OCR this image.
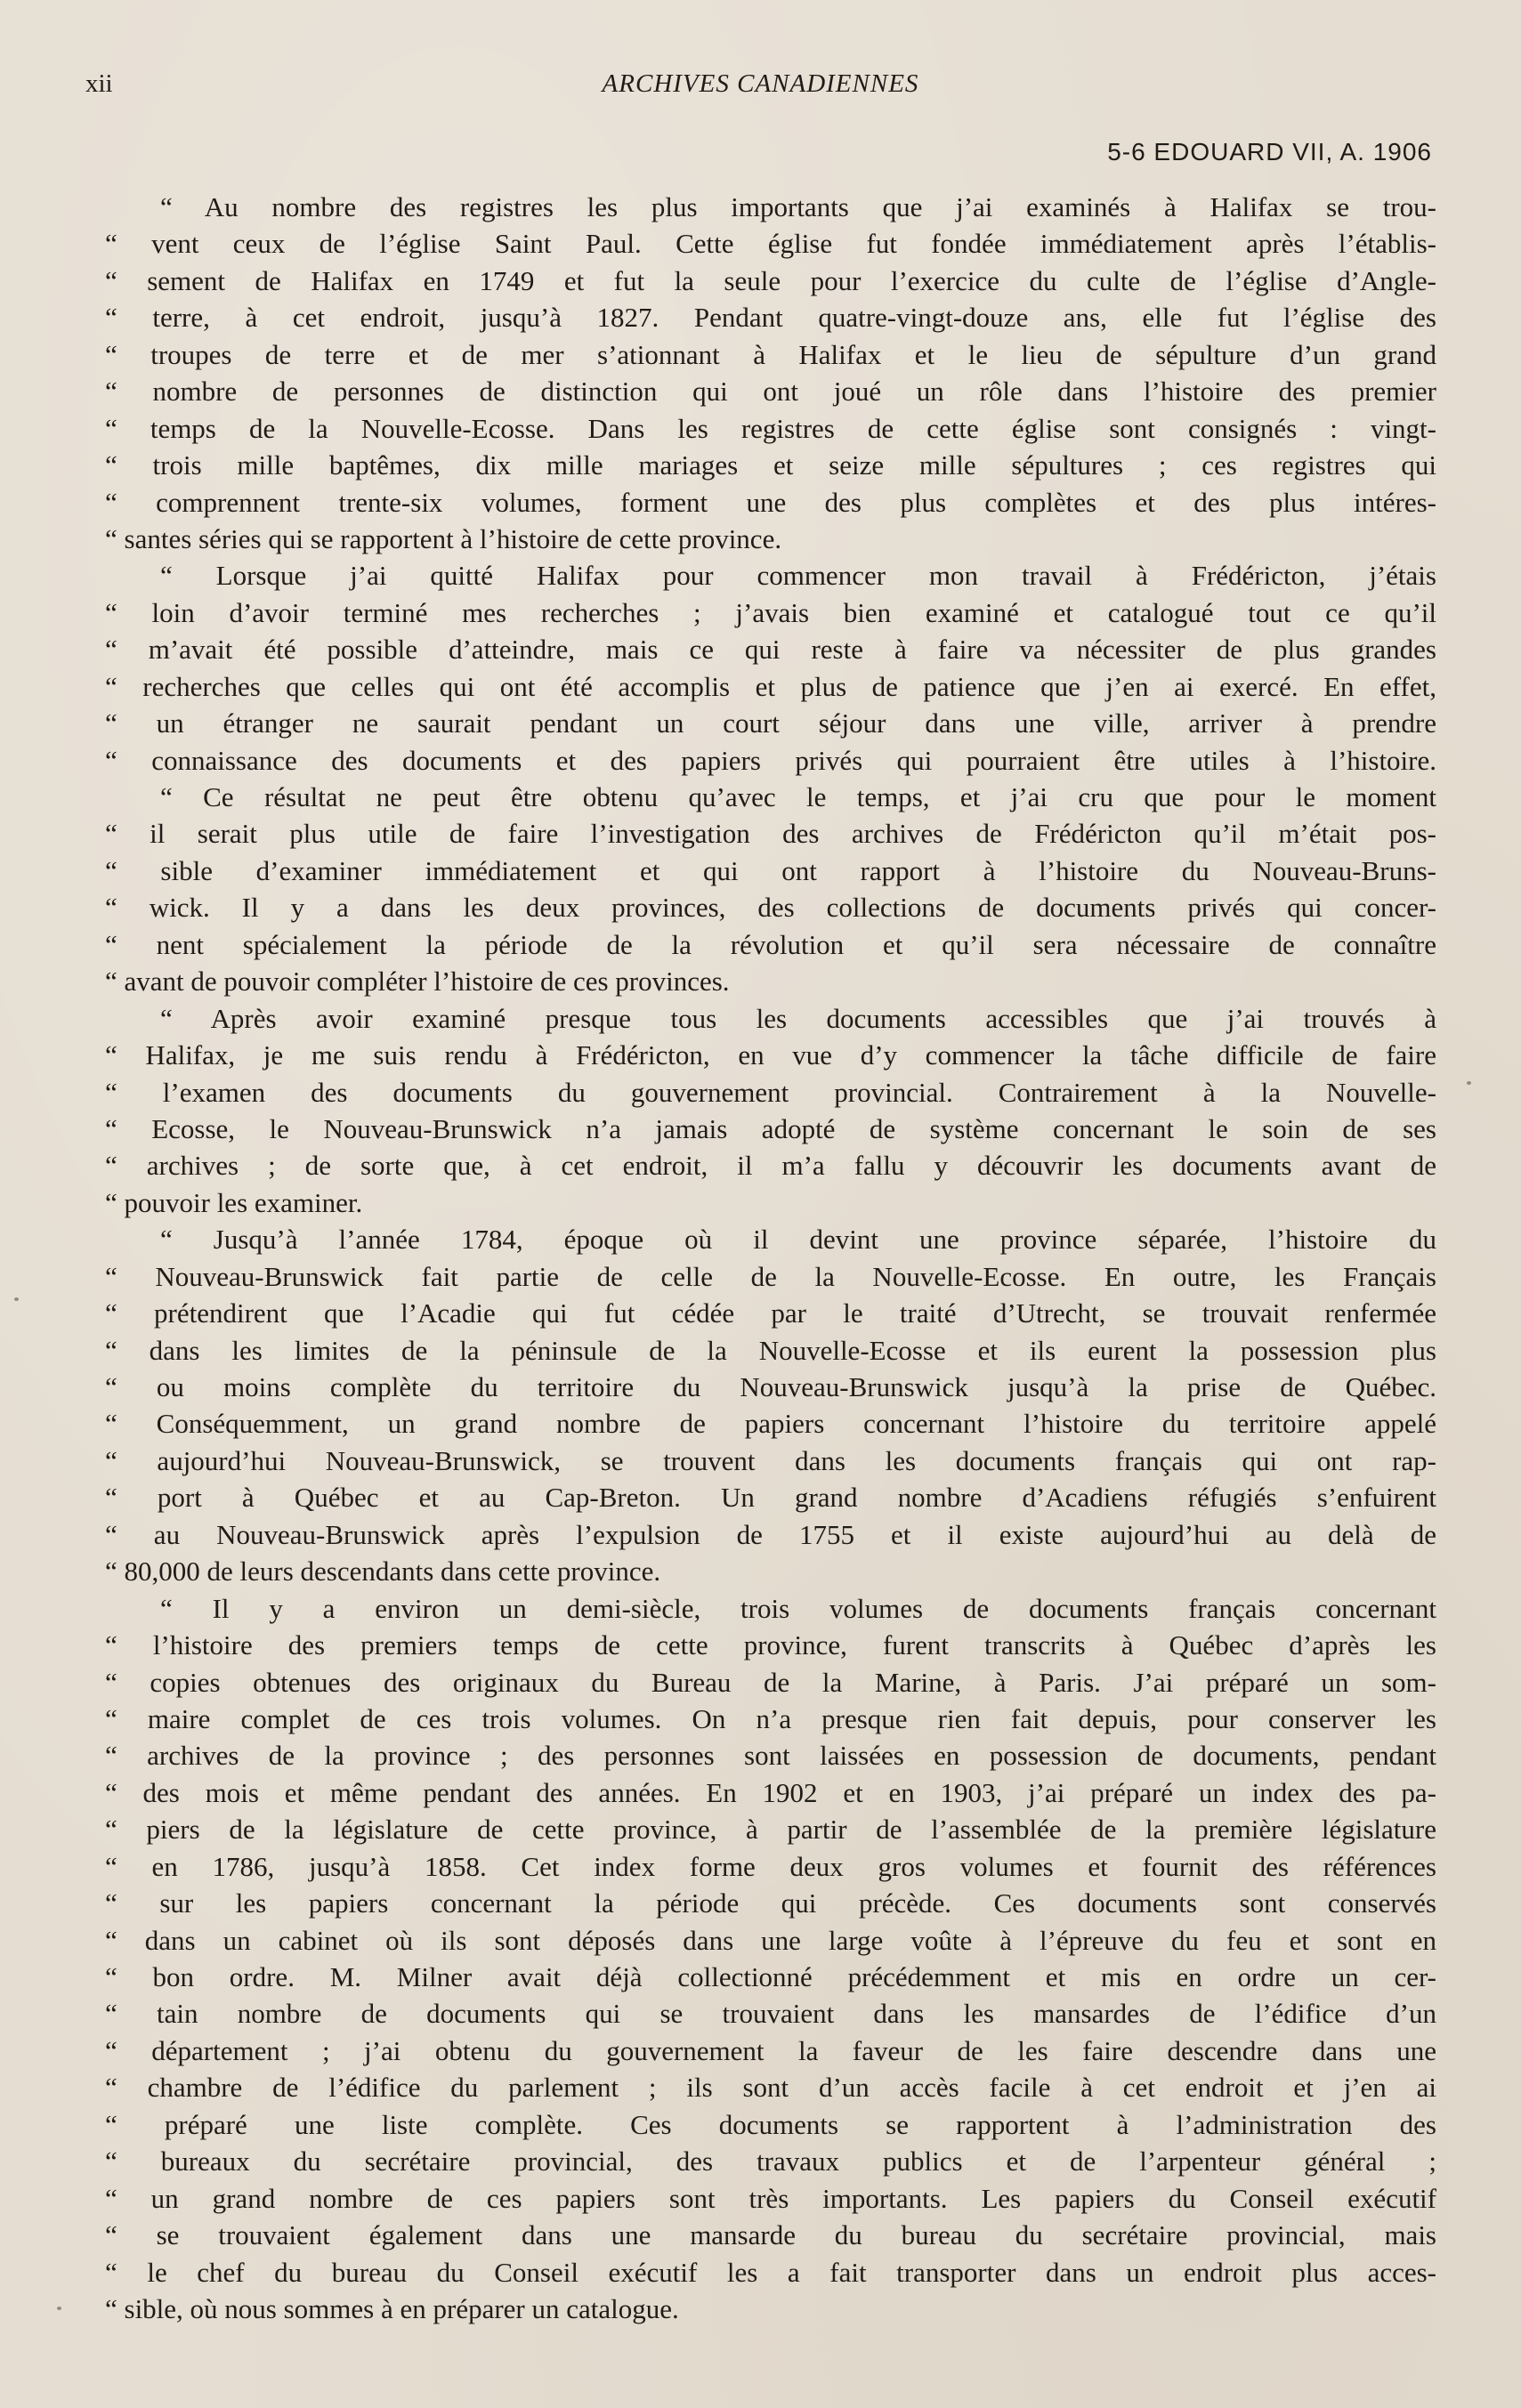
xii	ARCHIVES CANADIENNES
5-6 EDOUARD VII, A. 1906
“ Au nombre des registres les plus importants que j’ai examinés à Halifax se trou-
“ vent ceux de l’église Saint Paul. Cette église fut fondée immédiatement après l’établis-
“ sement de Halifax en 1749 et fut la seule pour l’exercice du culte de l’église d’Angle-
“ terre, à cet endroit, jusqu’à 1827. Pendant quatre-vingt-douze ans, elle fut l’église des
“ troupes de terre et de mer s’ationnant à Halifax et le lieu de sépulture d’un grand
“ nombre de personnes de distinction qui ont joué un rôle dans l’histoire des premier
“ temps de la Nouvelle-Ecosse. Dans les registres de cette église sont consignés : vingt-
“ trois mille baptêmes, dix mille mariages et seize mille sépultures ; ces registres qui
“ comprennent trente-six volumes, forment une des plus complètes et des plus intéres-
“ santes séries qui se rapportent à l’histoire de cette province.
“ Lorsque j’ai quitté Halifax pour commencer mon travail à Frédéricton, j’étais
“ loin d’avoir terminé mes recherches ; j’avais bien examiné et catalogué tout ce qu’il
“ m’avait été possible d’atteindre, mais ce qui reste à faire va nécessiter de plus grandes
“ recherches que celles qui ont été accomplis et plus de patience que j’en ai exercé. En effet,
“ un étranger ne saurait pendant un court séjour dans une ville, arriver à prendre
“ connaissance des documents et des papiers privés qui pourraient être utiles à l’histoire.
“ Ce résultat ne peut être obtenu qu’avec le temps, et j’ai cru que pour le moment
“ il serait plus utile de faire l’investigation des archives de Frédéricton qu’il m’était pos-
“ sible d’examiner immédiatement et qui ont rapport à l’histoire du Nouveau-Bruns-
“ wick. Il y a dans les deux provinces, des collections de documents privés qui concer-
“ nent spécialement la période de la révolution et qu’il sera nécessaire de connaître
“ avant de pouvoir compléter l’histoire de ces provinces.
“ Après avoir examiné presque tous les documents accessibles que j’ai trouvés à
“ Halifax, je me suis rendu à Frédéricton, en vue d’y commencer la tâche difficile de faire
“ l’examen des documents du gouvernement provincial. Contrairement à la Nouvelle-
“ Ecosse, le Nouveau-Brunswick n’a jamais adopté de système concernant le soin de ses
“ archives ; de sorte que, à cet endroit, il m’a fallu y découvrir les documents avant de
“ pouvoir les examiner.
“ Jusqu’à l’année 1784, époque où il devint une province séparée, l’histoire du
“ Nouveau-Brunswick fait partie de celle de la Nouvelle-Ecosse. En outre, les Français
“ prétendirent que l’Acadie qui fut cédée par le traité d’Utrecht, se trouvait renfermée
“ dans les limites de la péninsule de la Nouvelle-Ecosse et ils eurent la possession plus
“ ou moins complète du territoire du Nouveau-Brunswick jusqu’à la prise de Québec.
“ Conséquemment, un grand nombre de papiers concernant l’histoire du territoire appelé
“ aujourd’hui Nouveau-Brunswick, se trouvent dans les documents français qui ont rap-
“ port à Québec et au Cap-Breton. Un grand nombre d’Acadiens réfugiés s’enfuirent
“ au Nouveau-Brunswick après l’expulsion de 1755 et il existe aujourd’hui au delà de
“ 80,000 de leurs descendants dans cette province.
“ Il y a environ un demi-siècle, trois volumes de documents français concernant
“ l’histoire des premiers temps de cette province, furent transcrits à Québec d’après les
“ copies obtenues des originaux du Bureau de la Marine, à Paris. J’ai préparé un som-
“ maire complet de ces trois volumes. On n’a presque rien fait depuis, pour conserver les
“ archives de la province ; des personnes sont laissées en possession de documents, pendant
“ des mois et même pendant des années. En 1902 et en 1903, j’ai préparé un index des pa-
“ piers de la législature de cette province, à partir de l’assemblée de la première législature
“ en 1786, jusqu’à 1858. Cet index forme deux gros volumes et fournit des références
“ sur les papiers concernant la période qui précède. Ces documents sont conservés
“ dans un cabinet où ils sont déposés dans une large voûte à l’épreuve du feu et sont en
“ bon ordre. M. Milner avait déjà collectionné précédemment et mis en ordre un cer-
“ tain nombre de documents qui se trouvaient dans les mansardes de l’édifice d’un
“ département ; j’ai obtenu du gouvernement la faveur de les faire descendre dans une
“ chambre de l’édifice du parlement ; ils sont d’un accès facile à cet endroit et j’en ai
“ préparé une liste complète. Ces documents se rapportent à l’administration des
“ bureaux du secrétaire provincial, des travaux publics et de l’arpenteur général ;
“ un grand nombre de ces papiers sont très importants. Les papiers du Conseil exécutif
“ se trouvaient également dans une mansarde du bureau du secrétaire provincial, mais
“ le chef du bureau du Conseil exécutif les a fait transporter dans un endroit plus acces-
“ sible, où nous sommes à en préparer un catalogue.
